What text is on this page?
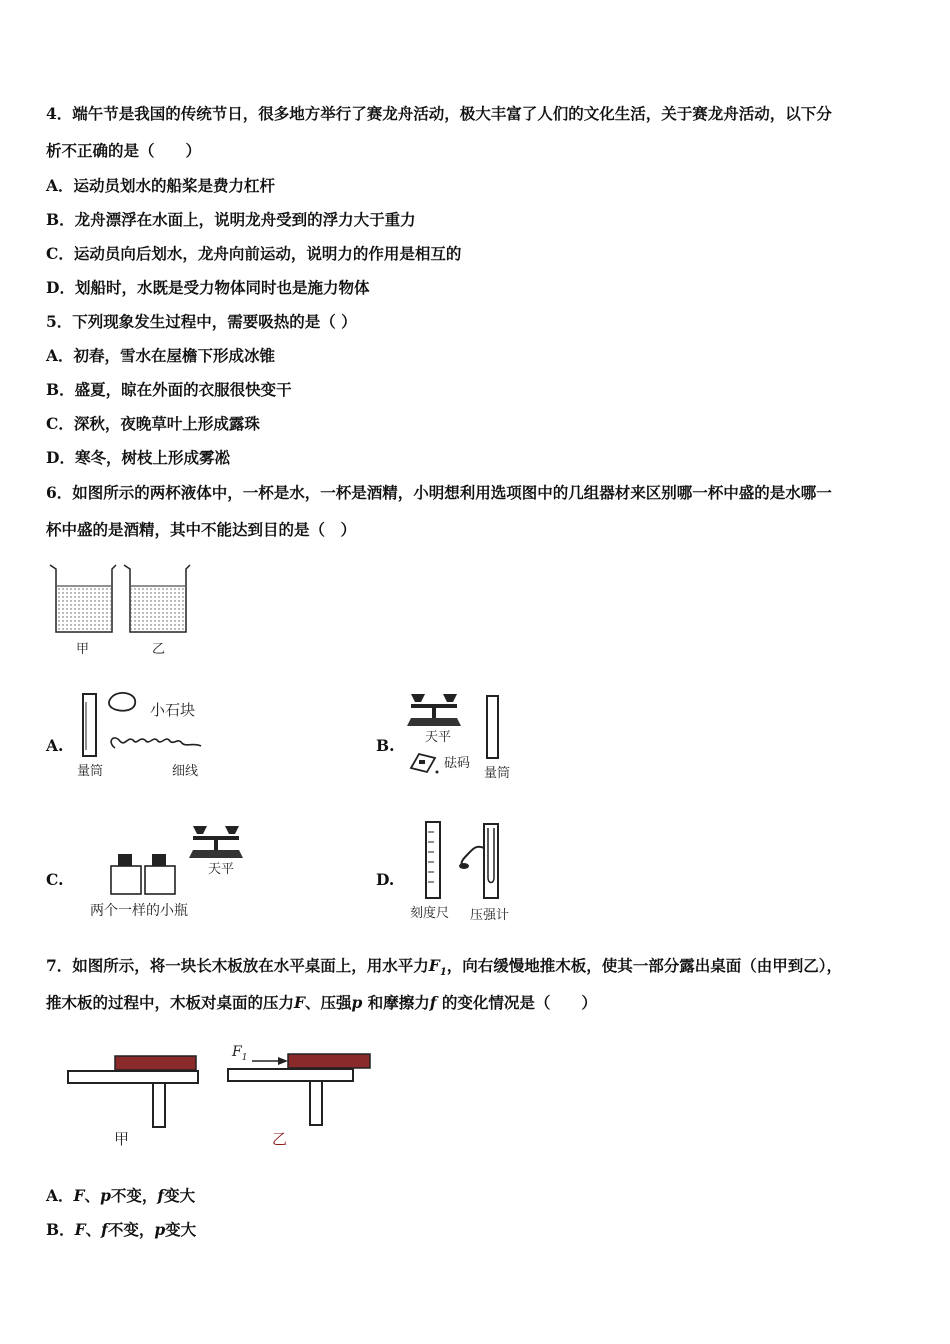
4．端午节是我国的传统节日，很多地方举行了赛龙舟活动，极大丰富了人们的文化生活，关于赛龙舟活动，以下分
析不正确的是（　　）
A．运动员划水的船桨是费力杠杆
B．龙舟漂浮在水面上，说明龙舟受到的浮力大于重力
C．运动员向后划水，龙舟向前运动，说明力的作用是相互的
D．划船时，水既是受力物体同时也是施力物体
5．下列现象发生过程中，需要吸热的是（ ）
A．初春，雪水在屋檐下形成冰锥
B．盛夏，晾在外面的衣服很快变干
C．深秋，夜晚草叶上形成露珠
D．寒冬，树枝上形成雾凇
6．如图所示的两杯液体中，一杯是水，一杯是酒精，小明想利用选项图中的几组器材来区别哪一杯中盛的是水哪一
杯中盛的是酒精，其中不能达到目的是（　）
甲	乙
A.
小石块
量筒	细线
B. 天平
砝码
量筒
C.
天平
两个一样的小瓶
D.
刻度尺 压强计
7．如图所示，将一块长木板放在水平桌面上，用水平力$F_1$，向右缓慢地推木板，使其一部分露出桌面（由甲到乙），
推木板的过程中，木板对桌面的压力F、压强p 和摩擦力f 的变化情况是（　　）
$F_1$
甲	乙
A．F、p不变，f变大
B．F、f不变，p变大
